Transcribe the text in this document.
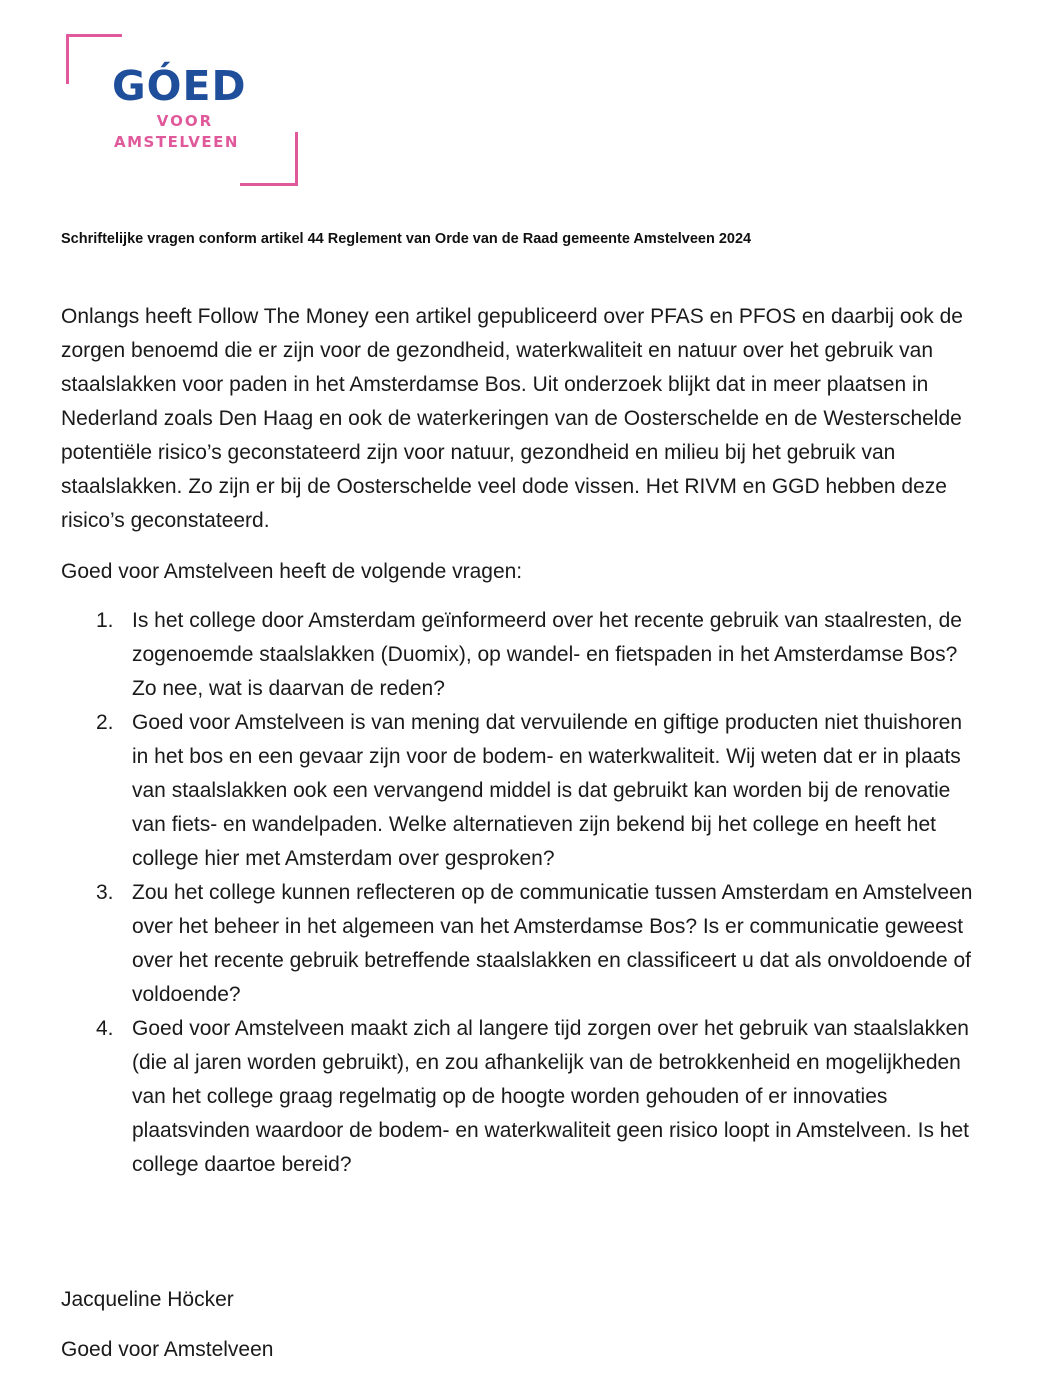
GÓED
VOOR
AMSTELVEEN
Schriftelijke vragen conform artikel 44 Reglement van Orde van de Raad gemeente Amstelveen 2024

Onlangs heeft Follow The Money een artikel gepubliceerd over PFAS en PFOS en daarbij ook de zorgen benoemd die er zijn voor de gezondheid, waterkwaliteit en natuur over het gebruik van staalslakken voor paden in het Amsterdamse Bos. Uit onderzoek blijkt dat in meer plaatsen in Nederland zoals Den Haag en ook de waterkeringen van de Oosterschelde en de Westerschelde potentiële risico’s geconstateerd zijn voor natuur, gezondheid en milieu bij het gebruik van staalslakken. Zo zijn er bij de Oosterschelde veel dode vissen. Het RIVM en GGD hebben deze risico’s geconstateerd.

Goed voor Amstelveen heeft de volgende vragen:

1. Is het college door Amsterdam geïnformeerd over het recente gebruik van staalresten, de zogenoemde staalslakken (Duomix), op wandel- en fietspaden in het Amsterdamse Bos? Zo nee, wat is daarvan de reden?
2. Goed voor Amstelveen is van mening dat vervuilende en giftige producten niet thuishoren in het bos en een gevaar zijn voor de bodem- en waterkwaliteit. Wij weten dat er in plaats van staalslakken ook een vervangend middel is dat gebruikt kan worden bij de renovatie van fiets- en wandelpaden. Welke alternatieven zijn bekend bij het college en heeft het college hier met Amsterdam over gesproken?
3. Zou het college kunnen reflecteren op de communicatie tussen Amsterdam en Amstelveen over het beheer in het algemeen van het Amsterdamse Bos? Is er communicatie geweest over het recente gebruik betreffende staalslakken en classificeert u dat als onvoldoende of voldoende?
4. Goed voor Amstelveen maakt zich al langere tijd zorgen over het gebruik van staalslakken (die al jaren worden gebruikt), en zou afhankelijk van de betrokkenheid en mogelijkheden van het college graag regelmatig op de hoogte worden gehouden of er innovaties plaatsvinden waardoor de bodem- en waterkwaliteit geen risico loopt in Amstelveen. Is het college daartoe bereid?

Jacqueline Höcker

Goed voor Amstelveen
